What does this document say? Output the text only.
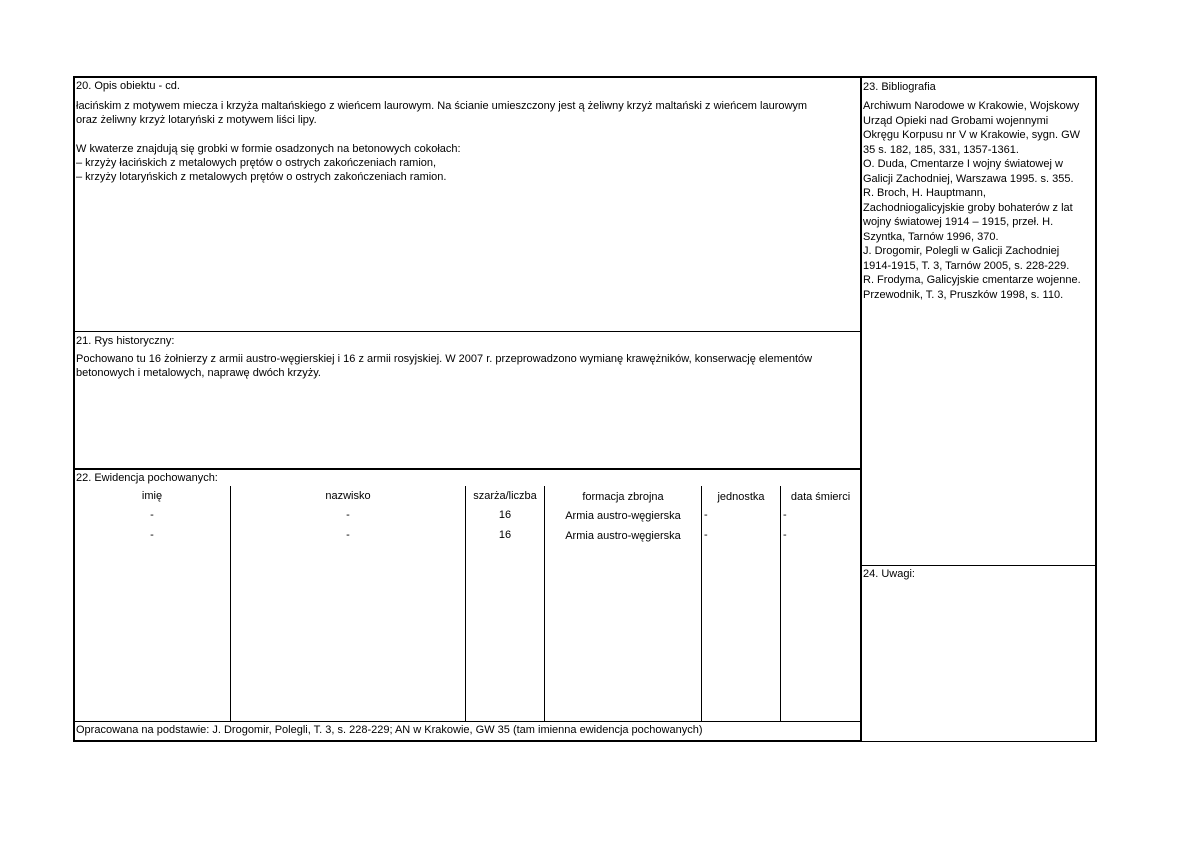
20. Opis obiektu - cd.
łacińskim z motywem miecza i krzyża maltańskiego z wieńcem laurowym. Na ścianie umieszczony jest ą żeliwny krzyż maltański z wieńcem laurowym
oraz żeliwny krzyż lotaryński z motywem liści lipy.
W kwaterze znajdują się grobki w formie osadzonych na betonowych cokołach:
– krzyży łacińskich z metalowych prętów o ostrych zakończeniach ramion,
– krzyży lotaryńskich z metalowych prętów o ostrych zakończeniach ramion.
21. Rys historyczny:
Pochowano tu 16 żołnierzy z armii austro-węgierskiej i 16 z armii rosyjskiej. W 2007 r. przeprowadzono wymianę krawężników, konserwację elementów
betonowych i metalowych, naprawę dwóch krzyży.
22. Ewidencja pochowanych:
imię	nazwisko	szarża/liczba	formacja zbrojna	jednostka	data śmierci
-	-	16	Armia austro-węgierska	-	-
-	-	16	Armia austro-węgierska	-	-
Opracowana na podstawie: J. Drogomir, Polegli, T. 3, s. 228-229; AN w Krakowie, GW 35 (tam imienna ewidencja pochowanych)
23. Bibliografia
Archiwum Narodowe w Krakowie, Wojskowy
Urząd Opieki nad Grobami wojennymi
Okręgu Korpusu nr V w Krakowie, sygn. GW
35 s. 182, 185, 331, 1357-1361.
O. Duda, Cmentarze I wojny światowej w
Galicji Zachodniej, Warszawa 1995. s. 355.
R. Broch, H. Hauptmann,
Zachodniogalicyjskie groby bohaterów z lat
wojny światowej 1914 – 1915, przeł. H.
Szyntka, Tarnów 1996, 370.
J. Drogomir, Polegli w Galicji Zachodniej
1914-1915, T. 3, Tarnów 2005, s. 228-229.
R. Frodyma, Galicyjskie cmentarze wojenne.
Przewodnik, T. 3, Pruszków 1998, s. 110.
24. Uwagi:
